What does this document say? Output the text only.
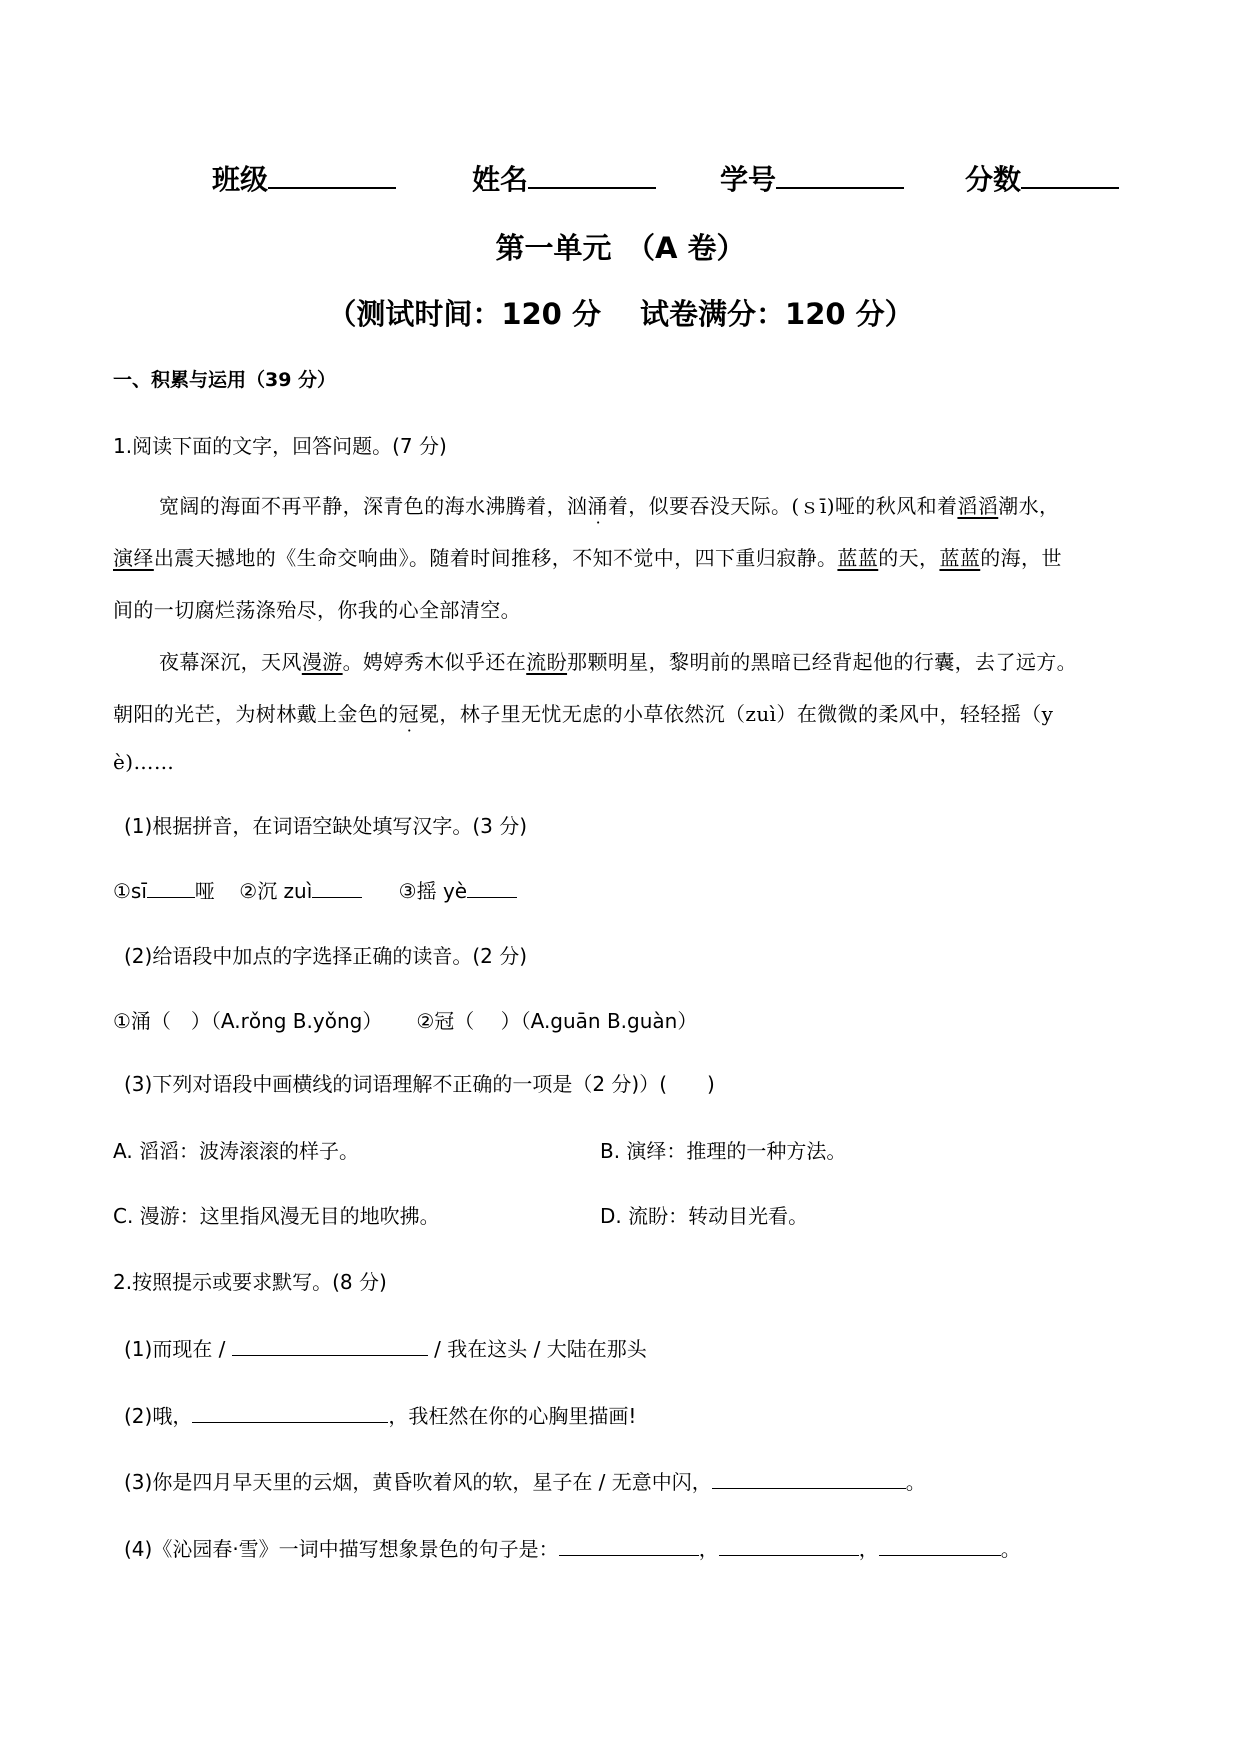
班级	姓名	学号	分数
第一单元　（A 卷）
（测试时间：120 分　 试卷满分：120 分）
一、积累与运用（39 分）
1.阅读下面的文字，回答问题。(7 分)
宽阔的海面不再平静，深青色的海水沸腾着，汹涌着，似要吞没天际。(ｓī)哑的秋风和着滔滔潮水，
演绎出震天撼地的《生命交响曲》。随着时间推移，不知不觉中，四下重归寂静。蓝蓝的天，蓝蓝的海，世
间的一切腐烂荡涤殆尽，你我的心全部清空。
夜幕深沉，天风漫游。娉婷秀木似乎还在流盼那颗明星，黎明前的黑暗已经背起他的行囊，去了远方。
朝阳的光芒，为树林戴上金色的冠冕，林子里无忧无虑的小草依然沉（zuì）在微微的柔风中，轻轻摇（y
è)……
(1)根据拼音，在词语空缺处填写汉字。(3 分)
①sī 哑 ②沉 zuì	③摇 yè
(2)给语段中加点的字选择正确的读音。(2 分)
①涌（　）（A.rǒng B.yǒng） ②冠（　 ）（A.guān B.guàn）
(3)下列对语段中画横线的词语理解不正确的一项是（2 分)）(　　)
A. 滔滔：波涛滚滚的样子。	B. 演绎：推理的一种方法。
C. 漫游：这里指风漫无目的地吹拂。	D. 流盼：转动目光看。
2.按照提示或要求默写。(8 分)
(1)而现在 /	/ 我在这头 / 大陆在那头
(2)哦，	，我枉然在你的心胸里描画!
(3)你是四月早天里的云烟，黄昏吹着风的软，星子在 / 无意中闪，	。
(4)《沁园春·雪》一词中描写想象景色的句子是：	，	，	。
